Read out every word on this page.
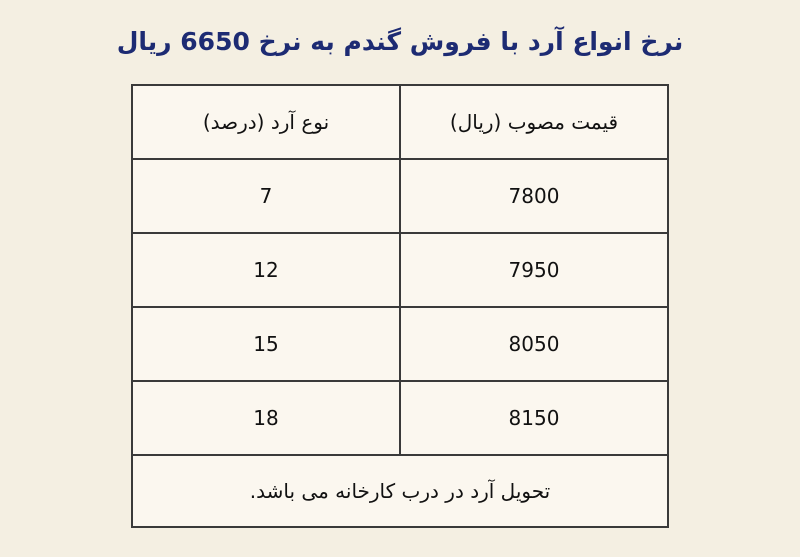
نرخ انواع آرد با فروش گندم به نرخ 6650 ریال
قیمت مصوب (ریال)	نوع آرد (درصد)
7800	7
7950	12
8050	15
8150	18
تحویل آرد در درب کارخانه می باشد.	
